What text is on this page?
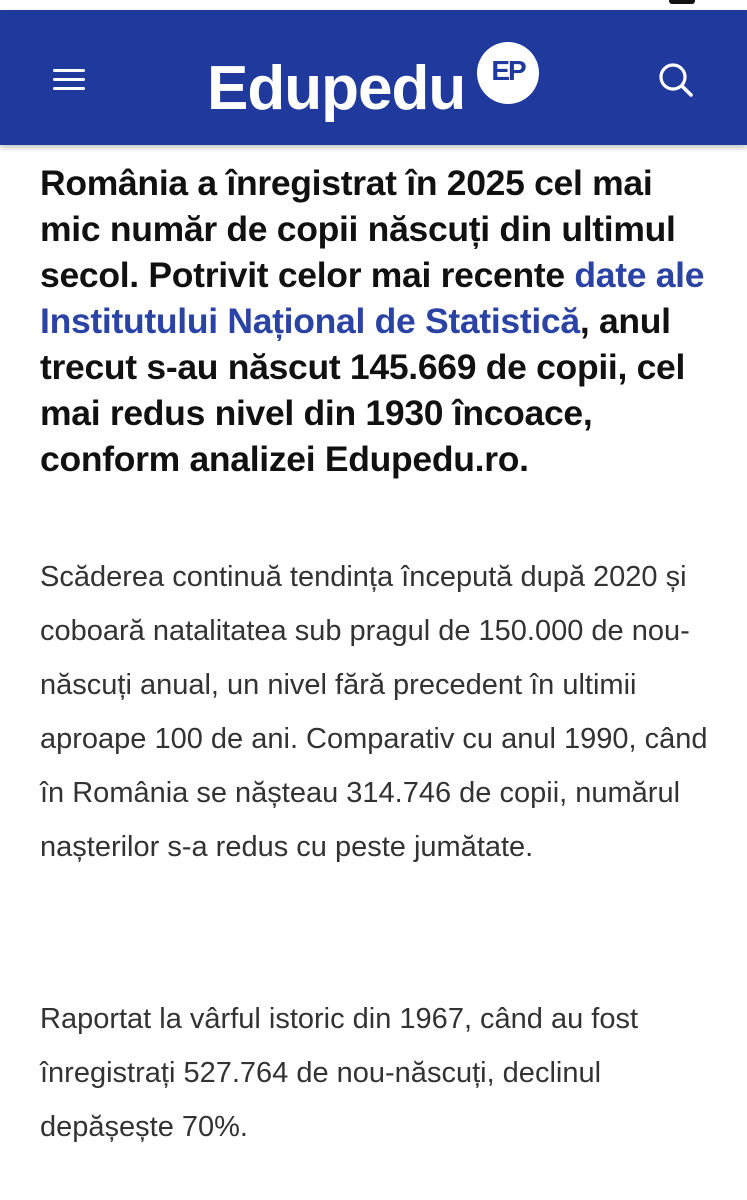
Edupedu EP

România a înregistrat în 2025 cel mai mic număr de copii născuți din ultimul secol. Potrivit celor mai recente date ale Institutului Național de Statistică, anul trecut s-au născut 145.669 de copii, cel mai redus nivel din 1930 încoace, conform analizei Edupedu.ro.

Scăderea continuă tendința începută după 2020 și coboară natalitatea sub pragul de 150.000 de nou-născuți anual, un nivel fără precedent în ultimii aproape 100 de ani. Comparativ cu anul 1990, când în România se nășteau 314.746 de copii, numărul nașterilor s-a redus cu peste jumătate.

Raportat la vârful istoric din 1967, când au fost înregistrați 527.764 de nou-născuți, declinul depășește 70%.
